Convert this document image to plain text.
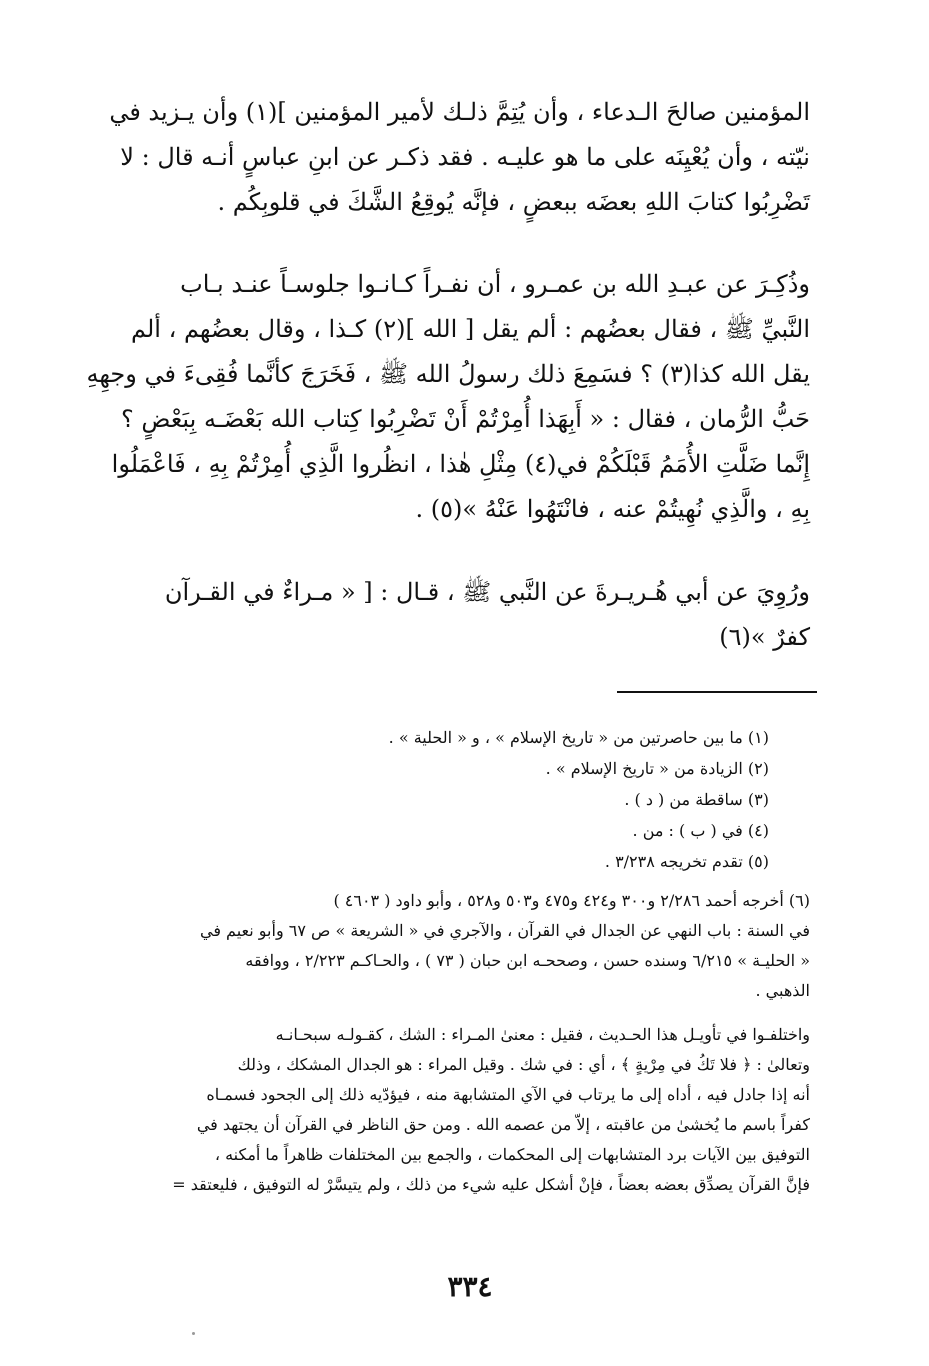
المؤمنين صالحَ الـدعاء ، وأن يُتِمَّ ذلـك لأمير المؤمنين ](١) وأن يـزيد في
نيّته ، وأن يُعْيِنَه على ما هو عليـه . فقد ذكـر عن ابنِ عباسٍ أنـه قال : لا
تَضْرِبُوا كتابَ اللهِ بعضَه ببعضٍ ، فإنَّه يُوقِعُ الشَّكَ في قلوبِكُم .
وذُكِـرَ عن عبـدِ الله بن عمـرو ، أن نفـراً كـانـوا جلوسـاً عنـد بـاب
النَّبيِّ ﷺ ، فقال بعضُهم : ألم يقل [ الله ](٢) كـذا ، وقال بعضُهم ، ألم
يقل الله كذا(٣) ؟ فسَمِعَ ذلك رسولُ الله ﷺ ، فَخَرَجَ كأنَّما فُقِىءَ في وجهِهِ
حَبُّ الرُّمان ، فقال : « أَبِهَذا أُمِرْتُمْ أَنْ تَضْرِبُوا كِتاب الله بَعْضَـه بِبَعْضٍ ؟
إِنَّما ضَلَّتِ الأُمَمُ قَبْلَكُمْ في(٤) مِثْلِ هٰذا ، انظُروا الَّذِي أُمِرْتُمْ بِهِ ، فَاعْمَلُوا
بِهِ ، والَّذِي نُهِيتُمْ عنه ، فانْتَهُوا عَنْهُ »(٥) .
ورُوِيَ عن أبي هُـريـرةَ عن النَّبي ﷺ ، قـال : [ « مـراءٌ في القـرآن
كفرٌ »(٦)
(١) ما بين حاصرتين من « تاريخ الإسلام » ، و « الحلية » .
(٢) الزيادة من « تاريخ الإسلام » .
(٣) ساقطة من ( د ) .
(٤) في ( ب ) : من .
(٥) تقدم تخريجه ٣/٢٣٨ .
(٦) أخرجه أحمد ٢/٢٨٦ و٣٠٠ و٤٢٤ و٤٧٥ و٥٠٣ و٥٢٨ ، وأبو داود ( ٤٦٠٣ )
في السنة : باب النهي عن الجدال في القرآن ، والآجري في « الشريعة » ص ٦٧ وأبو نعيم في
« الحليـة » ٦/٢١٥ وسنده حسن ، وصححـه ابن حبان ( ٧٣ ) ، والحـاكـم ٢/٢٢٣ ، ووافقه
الذهبي .
واختلفـوا في تأويـل هذا الحـديث ، فقيل : معنىٰ المـراء : الشك ، كقـولـه سبحـانـه
وتعالىٰ : ﴿ فلا تَكُ في مِرْيةٍ ﴾ ، أي : في شك . وقيل المراء : هو الجدال المشكك ، وذلك
أنه إذا جادل فيه ، أداه إلى ما يرتاب في الآي المتشابهة منه ، فيؤدّيه ذلك إلى الجحود فسمـاه
كفراً باسم ما يُخشىٰ من عاقبته ، إلاّ من عصمه الله . ومن حق الناظر في القرآن أن يجتهد في
التوفيق بين الآيات برد المتشابهات إلى المحكمات ، والجمع بين المختلفات ظاهراً ما أمكنه ،
فإنَّ القرآن يصدِّق بعضه بعضاً ، فإنْ أشكل عليه شيء من ذلك ، ولم يتيسَّرْ له التوفيق ، فليعتقد =
٣٣٤
